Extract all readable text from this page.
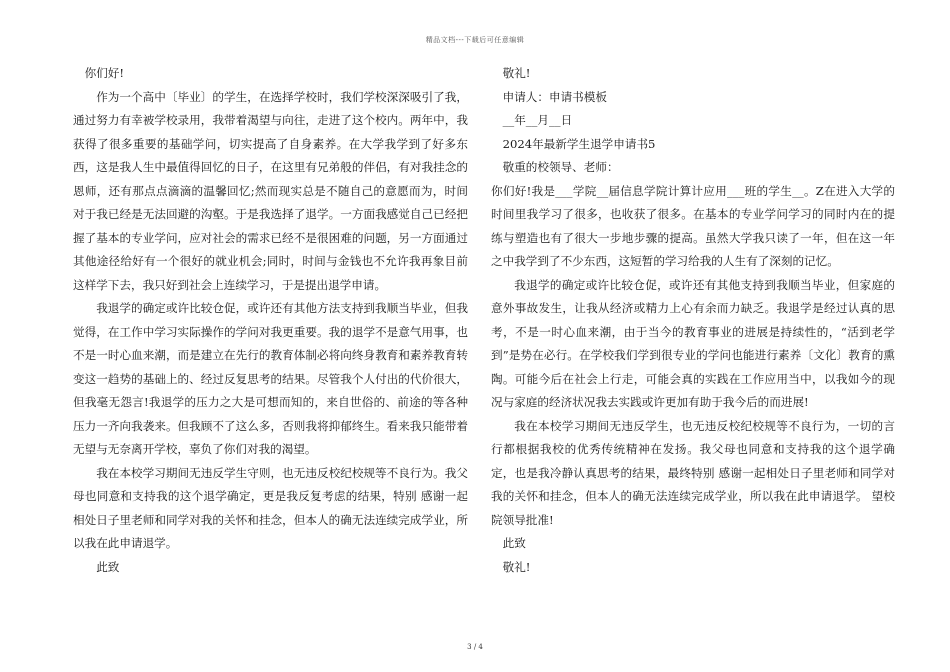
精品文档---下载后可任意编辑

你们好!

作为一个高中〔毕业〕的学生，在选择学校时，我们学校深深吸引了我，通过努力有幸被学校录用，我带着渴望与向往，走进了这个校内。两年中，我获得了很多重要的基础学问，切实提高了自身素养。在大学我学到了好多东西，这是我人生中最值得回忆的日子，在这里有兄弟般的伴侣，有对我挂念的恩师，还有那点点滴滴的温馨回忆;然而现实总是不随自己的意愿而为，时间对于我已经是无法回避的沟壑。于是我选择了退学。一方面我感觉自己已经把握了基本的专业学问，应对社会的需求已经不是很困难的问题，另一方面通过其他途径给好有一个很好的就业机会;同时，时间与金钱也不允许我再象目前这样学下去，我只好到社会上连续学习，于是提出退学申请。

我退学的确定或许比较仓促，或许还有其他方法支持到我顺当毕业，但我觉得，在工作中学习实际操作的学问对我更重要。我的退学不是意气用事，也不是一时心血来潮，而是建立在先行的教育体制必将向终身教育和素养教育转变这一趋势的基础上的、经过反复思考的结果。尽管我个人付出的代价很大，但我毫无怨言!我退学的压力之大是可想而知的，来自世俗的、前途的等各种压力一齐向我袭来。但我顾不了这么多，否则我将抑郁终生。看来我只能带着无望与无奈离开学校，辜负了你们对我的渴望。

我在本校学习期间无违反学生守则，也无违反校纪校规等不良行为。我父母也同意和支持我的这个退学确定，更是我反复考虑的结果，特别 感谢一起相处日子里老师和同学对我的关怀和挂念，但本人的确无法连续完成学业，所以我在此申请退学。

此致

敬礼!

申请人：申请书模板

__年__月__日

2024年最新学生退学申请书5

敬重的校领导、老师：

你们好!我是___学院__届信息学院计算计应用___班的学生__。Z在进入大学的时间里我学习了很多，也收获了很多。在基本的专业学问学习的同时内在的提练与塑造也有了很大一步地步骤的提高。虽然大学我只读了一年，但在这一年之中我学到了不少东西，这短暂的学习给我的人生有了深刻的记忆。

我退学的确定或许比较仓促，或许还有其他支持到我顺当毕业，但家庭的意外事故发生，让我从经济或精力上心有余而力缺乏。我退学是经过认真的思考，不是一时心血来潮，由于当今的教育事业的进展是持续性的，“活到老学到”是势在必行。在学校我们学到很专业的学问也能进行素养〔文化〕教育的熏陶。可能今后在社会上行走，可能会真的实践在工作应用当中，以我如今的现况与家庭的经济状况我去实践或许更加有助于我今后的而进展!

我在本校学习期间无违反学生，也无违反校纪校规等不良行为，一切的言行都根据我校的优秀传统精神在发扬。我父母也同意和支持我的这个退学确定，也是我冷静认真思考的结果，最终特别 感谢一起相处日子里老师和同学对我的关怀和挂念，但本人的确无法连续完成学业，所以我在此申请退学。 望校院领导批准!

此致

敬礼!

3 / 4
